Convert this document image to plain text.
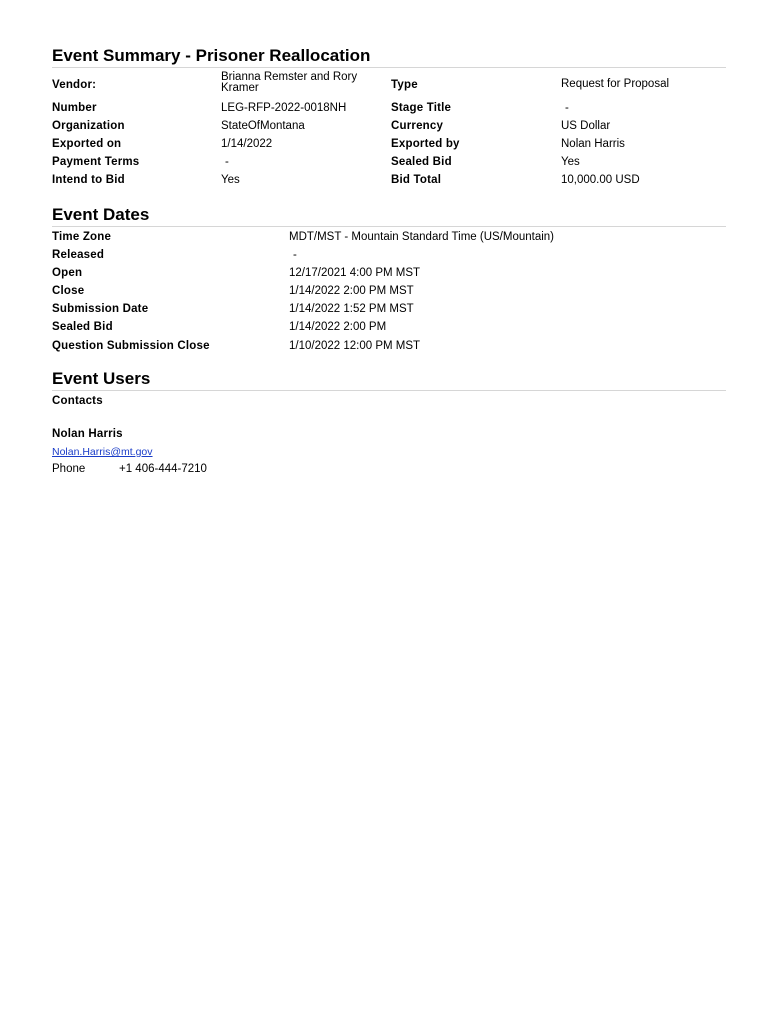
Event Summary - Prisoner Reallocation
Vendor:
Brianna Remster and Rory Kramer	Type	Request for Proposal
Number	LEG-RFP-2022-0018NH	Stage Title	-
Organization	StateOfMontana	Currency	US Dollar
Exported on	1/14/2022	Exported by	Nolan Harris
Payment Terms	-	Sealed Bid	Yes
Intend to Bid	Yes	Bid Total	10,000.00 USD
Event Dates
Time Zone	MDT/MST - Mountain Standard Time (US/Mountain)
Released	-
Open	12/17/2021 4:00 PM MST
Close	1/14/2022 2:00 PM MST
Submission Date	1/14/2022 1:52 PM MST
Sealed Bid	1/14/2022 2:00 PM
Question Submission Close	1/10/2022 12:00 PM MST
Event Users
Contacts
Nolan Harris
Nolan.Harris@mt.gov
Phone	+1 406-444-7210
